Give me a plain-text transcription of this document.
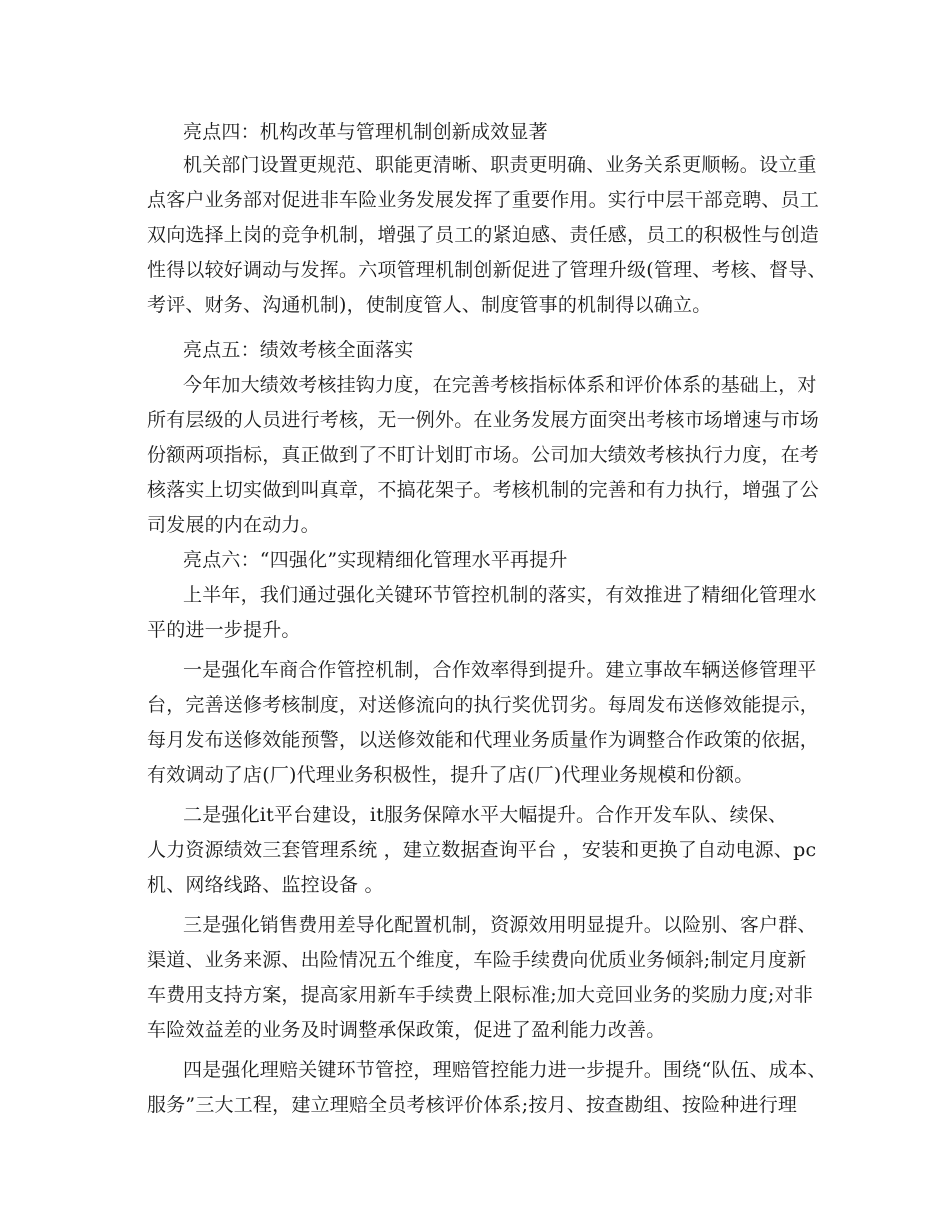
亮点四：机构改革与管理机制创新成效显著
机关部门设置更规范、职能更清晰、职责更明确、业务关系更顺畅。设立重
点客户业务部对促进非车险业务发展发挥了重要作用。实行中层干部竞聘、员工
双向选择上岗的竞争机制，增强了员工的紧迫感、责任感，员工的积极性与创造
性得以较好调动与发挥。六项管理机制创新促进了管理升级(管理、考核、督导、
考评、财务、沟通机制)，使制度管人、制度管事的机制得以确立。
亮点五：绩效考核全面落实
今年加大绩效考核挂钩力度，在完善考核指标体系和评价体系的基础上，对
所有层级的人员进行考核，无一例外。在业务发展方面突出考核市场增速与市场
份额两项指标，真正做到了不盯计划盯市场。公司加大绩效考核执行力度，在考
核落实上切实做到叫真章，不搞花架子。考核机制的完善和有力执行，增强了公
司发展的内在动力。
亮点六：“四强化”实现精细化管理水平再提升
上半年，我们通过强化关键环节管控机制的落实，有效推进了精细化管理水
平的进一步提升。
一是强化车商合作管控机制，合作效率得到提升。建立事故车辆送修管理平
台，完善送修考核制度，对送修流向的执行奖优罚劣。每周发布送修效能提示，
每月发布送修效能预警，以送修效能和代理业务质量作为调整合作政策的依据，
有效调动了店(厂)代理业务积极性，提升了店(厂)代理业务规模和份额。
二是强化it平台建设，it服务保障水平大幅提升。合作开发车队、续保、
人力资源绩效三套管理系统 ，建立数据查询平台 ，安装和更换了自动电源、pc
机、网络线路、监控设备 。
三是强化销售费用差导化配置机制，资源效用明显提升。以险别、客户群、
渠道、业务来源、出险情况五个维度，车险手续费向优质业务倾斜;制定月度新
车费用支持方案，提高家用新车手续费上限标准;加大竞回业务的奖励力度;对非
车险效益差的业务及时调整承保政策，促进了盈利能力改善。
四是强化理赔关键环节管控，理赔管控能力进一步提升。围绕“队伍、成本、
服务”三大工程，建立理赔全员考核评价体系;按月、按查勘组、按险种进行理
